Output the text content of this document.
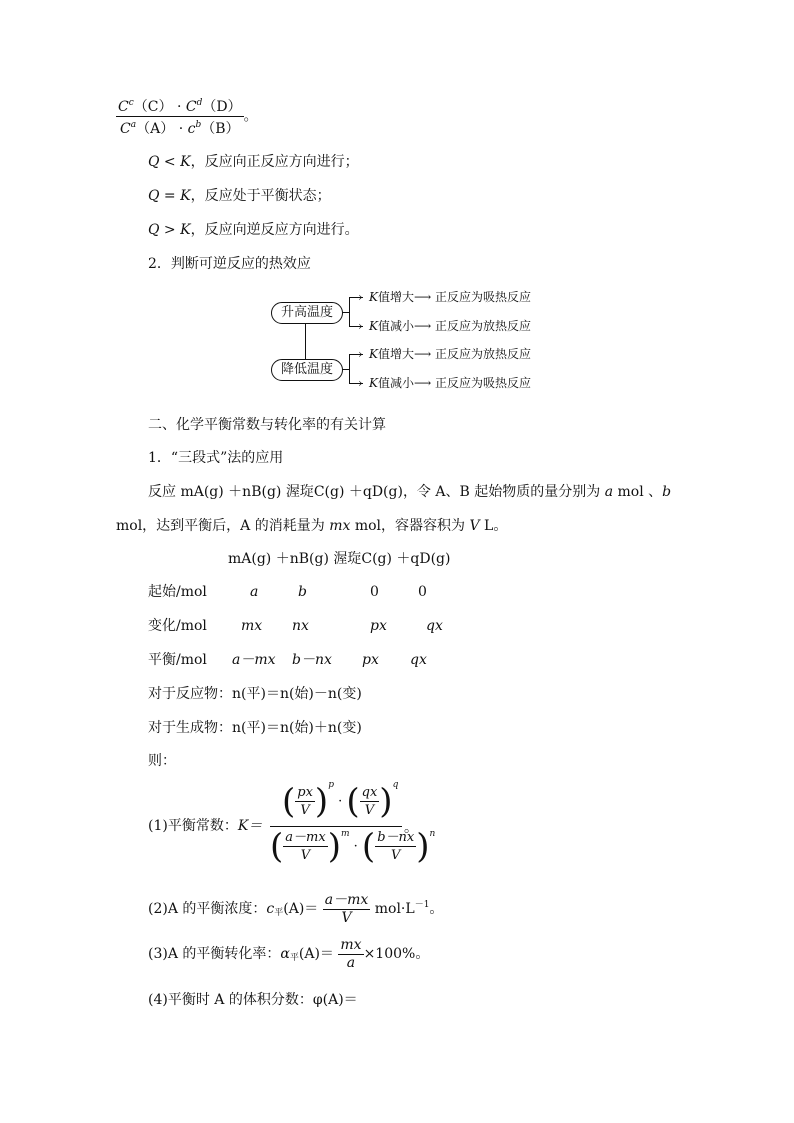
$\frac{C^c(C) \cdot C^d(D)}{C^a(A) \cdot c^b(B)}$ 。
Q < K，反应向正反应方向进行；
Q = K，反应处于平衡状态；
Q > K，反应向逆反应方向进行。
2．判断可逆反应的热效应
升高温度
降低温度
›
›
›
›
K值增大⟶ 正反应为吸热反应
K值减小⟶ 正反应为放热反应
K值增大⟶ 正反应为放热反应
K值减小⟶ 正反应为吸热反应
二、化学平衡常数与转化率的有关计算
1．“三段式”法的应用
反应 mA(g) ＋nB(g) 渥琁C(g) ＋qD(g)，令 A、B 起始物质的量分别为 a mol 、b
mol，达到平衡后，A 的消耗量为 mx mol，容器容积为 V L。
mA(g) ＋nB(g) 渥琁C(g) ＋qD(g)
起始/mol	a	b	0	0
变化/mol mx nx	px	qx
平衡/mol a－mx b－nx px qx
对于反应物：n(平)＝n(始)－n(变)
对于生成物：n(平)＝n(始)＋n(变)
则：
(1)平衡常数：K＝
( $\frac{px}{V} )^p$ · ( $\frac{qx}{V} )^q$
( $\frac{a-mx}{V} )^m$ · ( $\frac{b-nx}{V} )^n$
。
(2)A 的平衡浓度：$c_平(A)= \frac{a-mx}{V} mol\cdot L^{-1}$。
(3)A 的平衡转化率：$\alpha_平(A)= \frac{mx}{a} \times 100\%$。
(4)平衡时 A 的体积分数：φ(A)＝
